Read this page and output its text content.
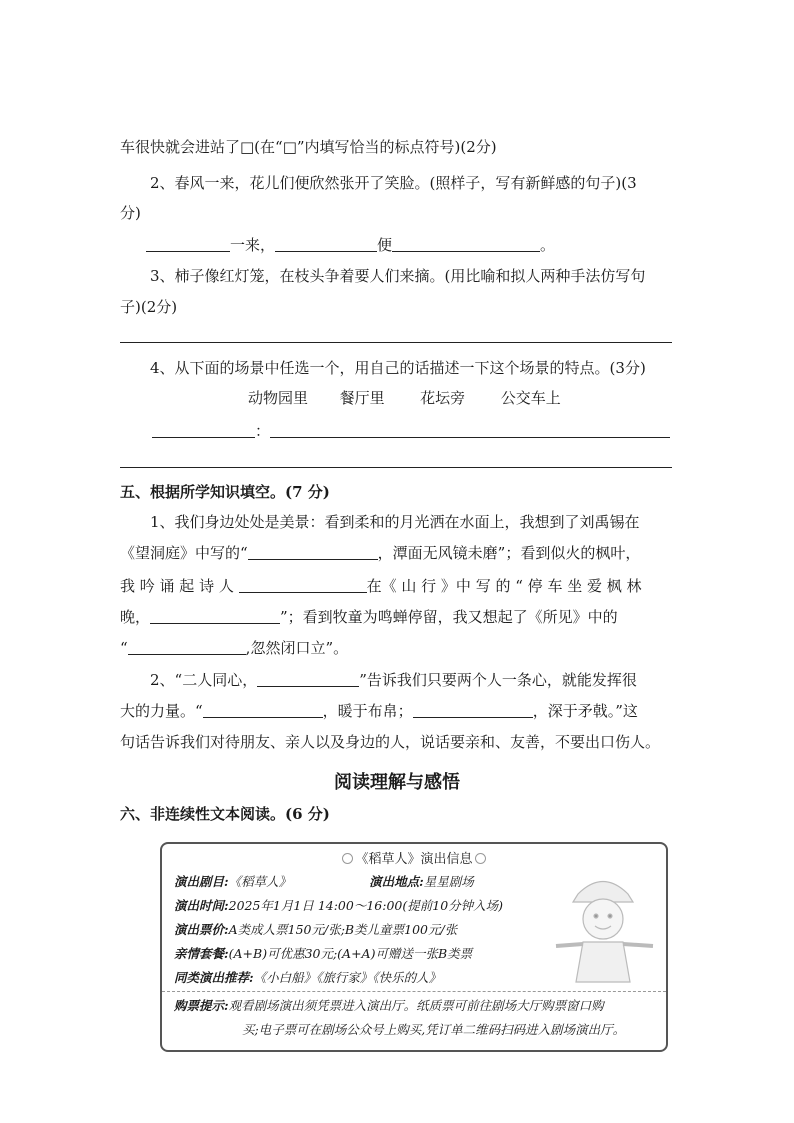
车很快就会进站了□(在“□”内填写恰当的标点符号)(2分)
2、春风一来，花儿们便欣然张开了笑脸。(照样子，写有新鲜感的句子)(3
分)
一来，	便	。
3、柿子像红灯笼，在枝头争着要人们来摘。(用比喻和拟人两种手法仿写句
子)(2分)
4、从下面的场景中任选一个，用自己的话描述一下这个场景的特点。(3分)
动物园里 餐厅里 花坛旁 公交车上
：
五、根据所学知识填空。(7 分)
1、我们身边处处是美景：看到柔和的月光洒在水面上，我想到了刘禹锡在
《望洞庭》中写的“	，潭面无风镜未磨”；看到似火的枫叶，
我 吟 诵 起 诗 人	在《 山 行 》中 写 的 “ 停 车 坐 爱 枫 林
晚，	”；看到牧童为鸣蝉停留，我又想起了《所见》中的
“	,忽然闭口立”。
2、“二人同心，	”告诉我们只要两个人一条心，就能发挥很
大的力量。“	，暖于布帛；	，深于矛戟。”这
句话告诉我们对待朋友、亲人以及身边的人，说话要亲和、友善，不要出口伤人。
阅读理解与感悟
六、非连续性文本阅读。(6 分)
《稻草人》演出信息
演出剧目:《稻草人》	演出地点:星星剧场
演出时间:2025年1月1日 14:00～16:00(提前10分钟入场)
演出票价:A类成人票150元/张;B类儿童票100元/张
亲情套餐:(A+B)可优惠30元;(A+A)可赠送一张B类票
同类演出推荐:《小白船》《旅行家》《快乐的人》
购票提示:观看剧场演出须凭票进入演出厅。纸质票可前往剧场大厅购票窗口购
买;电子票可在剧场公众号上购买,凭订单二维码扫码进入剧场演出厅。
